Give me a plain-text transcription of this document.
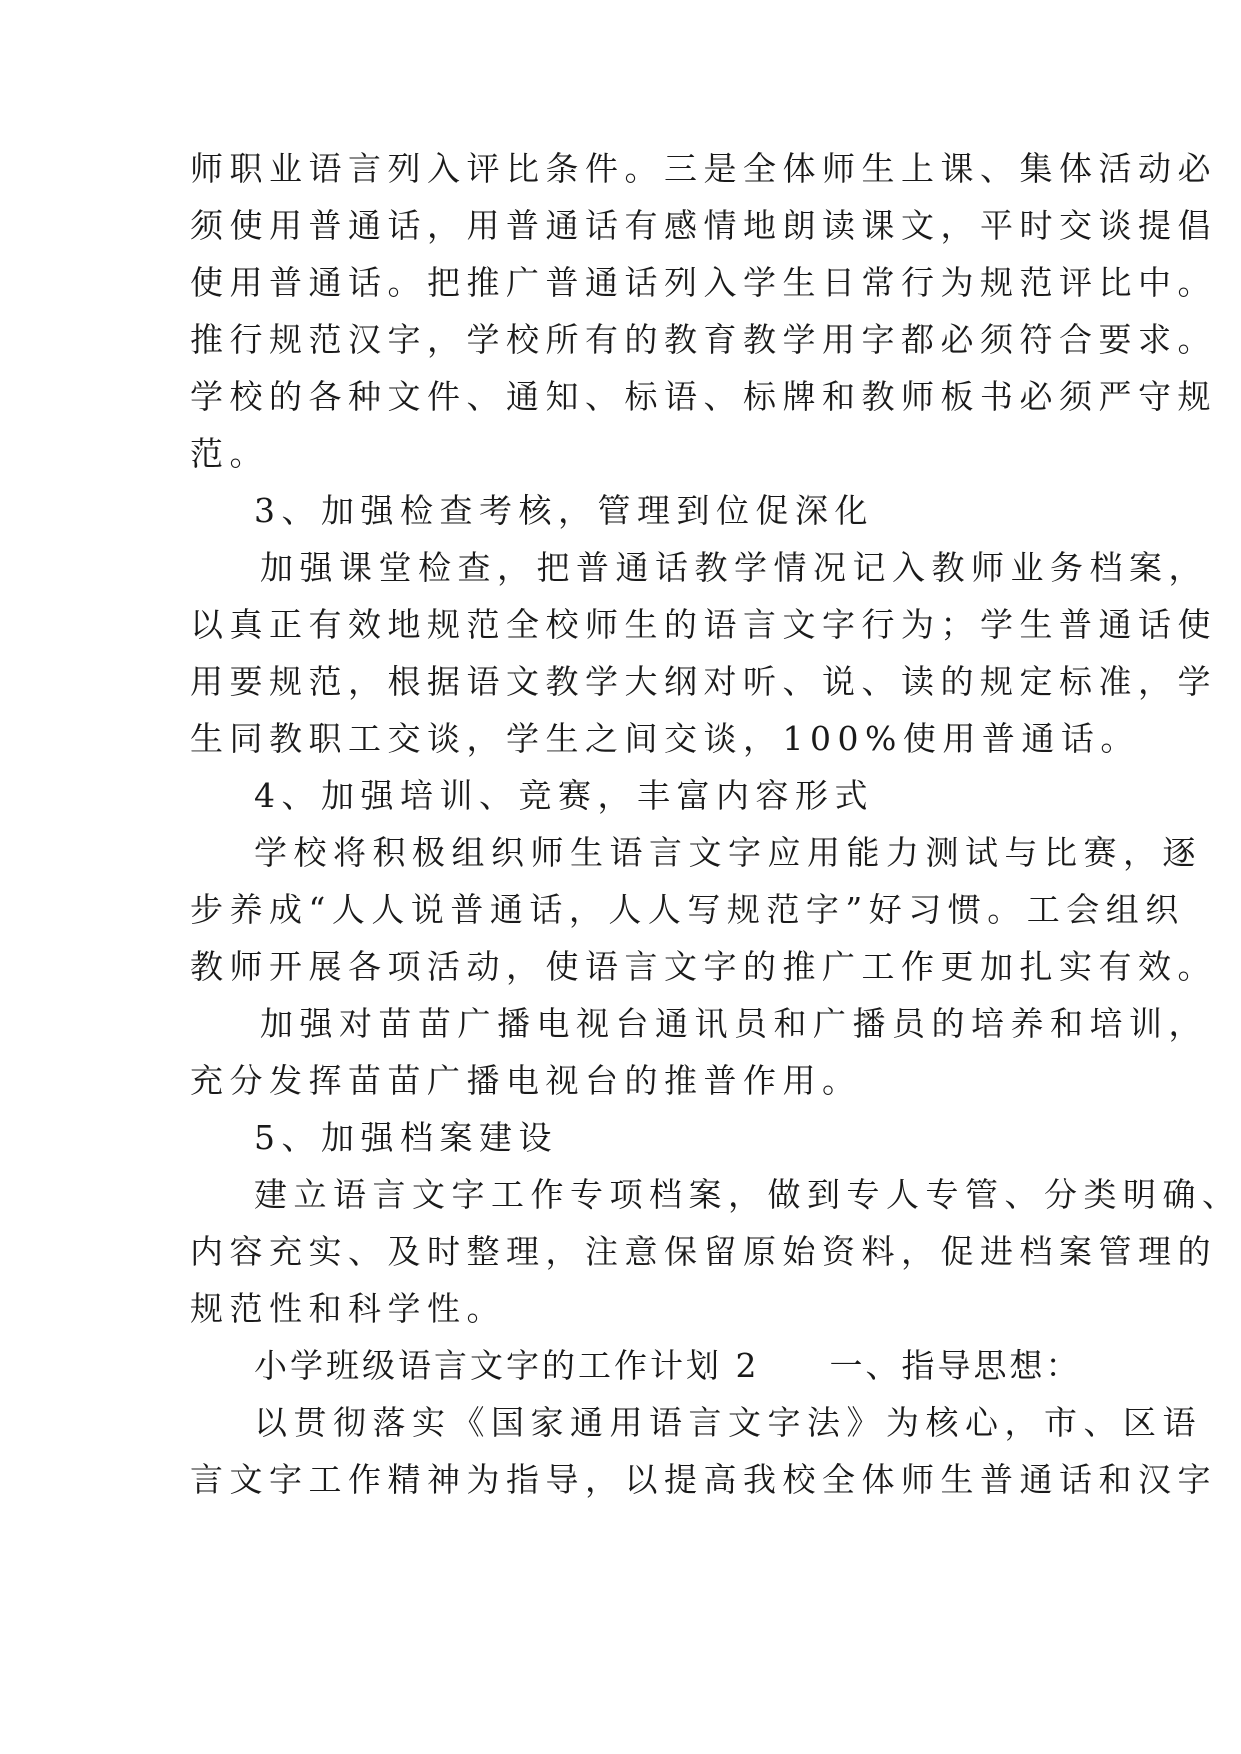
师职业语言列入评比条件。三是全体师生上课、集体活动必
须使用普通话，用普通话有感情地朗读课文，平时交谈提倡
使用普通话。把推广普通话列入学生日常行为规范评比中。
推行规范汉字，学校所有的教育教学用字都必须符合要求。
学校的各种文件、通知、标语、标牌和教师板书必须严守规
范。
3、加强检查考核，管理到位促深化
加强课堂检查，把普通话教学情况记入教师业务档案，
以真正有效地规范全校师生的语言文字行为；学生普通话使
用要规范，根据语文教学大纲对听、说、读的规定标准，学
生同教职工交谈，学生之间交谈，100%使用普通话。
4、加强培训、竞赛，丰富内容形式
学校将积极组织师生语言文字应用能力测试与比赛，逐
步养成“人人说普通话，人人写规范字”好习惯。工会组织
教师开展各项活动，使语言文字的推广工作更加扎实有效。
加强对苗苗广播电视台通讯员和广播员的培养和培训，
充分发挥苗苗广播电视台的推普作用。
5、加强档案建设
建立语言文字工作专项档案，做到专人专管、分类明确、
内容充实、及时整理，注意保留原始资料，促进档案管理的
规范性和科学性。
小学班级语言文字的工作计划 2 一、指导思想：
以贯彻落实《国家通用语言文字法》为核心，市、区语
言文字工作精神为指导，以提高我校全体师生普通话和汉字
